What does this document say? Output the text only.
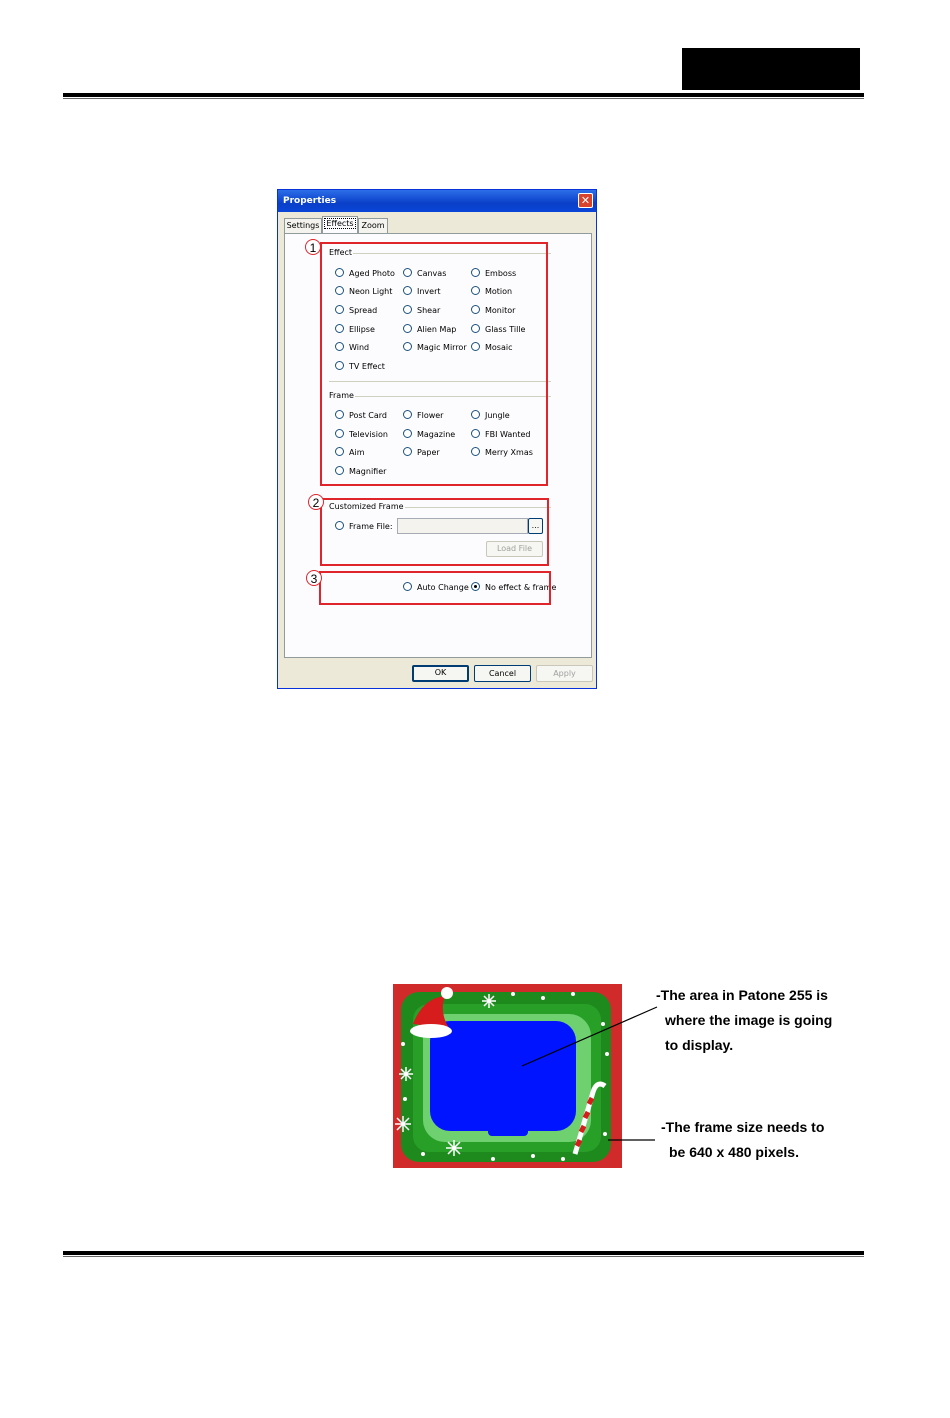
Properties	✕
Settings Effects Zoom
Effect
Aged Photo	Canvas	Emboss
Neon Light	Invert	Motion
Spread	Shear	Monitor
Ellipse	Alien Map	Glass Tille
Wind	Magic Mirror	Mosaic
TV Effect
Frame
Post Card	Flower	Jungle
Television	Magazine	FBI Wanted
Aim	Paper	Merry Xmas
Magnifier
Customized Frame
Frame File:	...
Load File
Auto Change	No effect & frame
OK	Cancel	Apply
1
2
3
-The area in Patone 255 is
where the image is going
to display.
-The frame size needs to
be 640 x 480 pixels.
